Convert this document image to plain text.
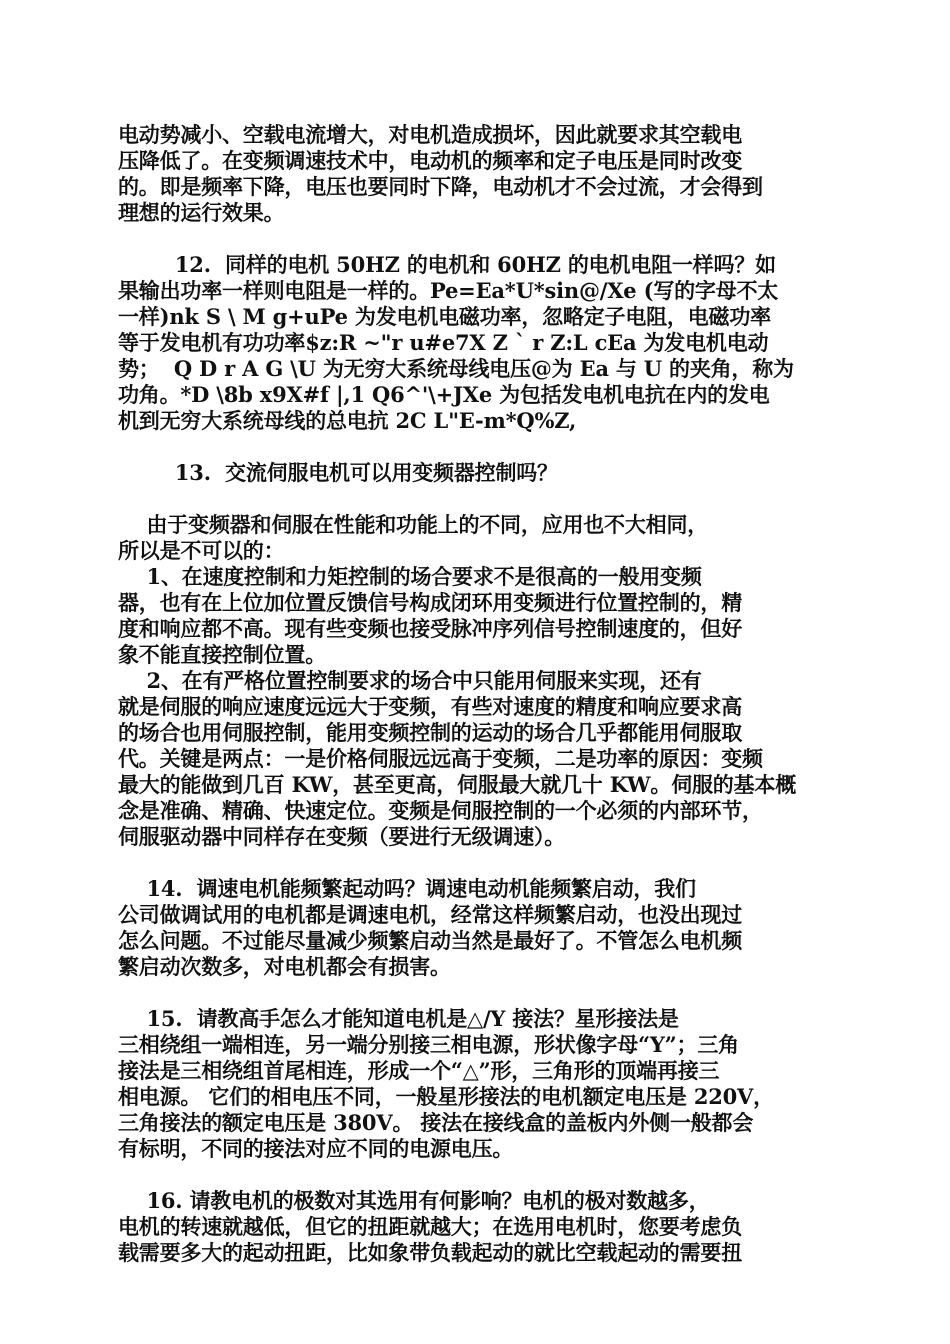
电动势减小、空载电流增大，对电机造成损坏，因此就要求其空载电
压降低了。在变频调速技术中，电动机的频率和定子电压是同时改变
的。即是频率下降，电压也要同时下降，电动机才不会过流，才会得到
理想的运行效果。
12.  同样的电机 50HZ 的电机和 60HZ 的电机电阻一样吗？如
果输出功率一样则电阻是一样的。Pe=Ea*U*sin@/Xe (写的字母不太
一样)nk S \ M g+uPe 为发电机电磁功率，忽略定子电阻，电磁功率
等于发电机有功功率$z:R ~"r u#e7X Z ` r Z:L cEa 为发电机电动
势；  Q D r A G \U 为无穷大系统母线电压@为 Ea 与 U 的夹角，称为
功角。*D \8b x9X#f |,1 Q6^'\+JXe 为包括发电机电抗在内的发电
机到无穷大系统母线的总电抗 2C L"E-m*Q%Z,
13.  交流伺服电机可以用变频器控制吗？
由于变频器和伺服在性能和功能上的不同，应用也不大相同，
所以是不可以的：
1、在速度控制和力矩控制的场合要求不是很高的一般用变频
器，也有在上位加位置反馈信号构成闭环用变频进行位置控制的，精
度和响应都不高。现有些变频也接受脉冲序列信号控制速度的，但好
象不能直接控制位置。
2、在有严格位置控制要求的场合中只能用伺服来实现，还有
就是伺服的响应速度远远大于变频，有些对速度的精度和响应要求高
的场合也用伺服控制，能用变频控制的运动的场合几乎都能用伺服取
代。关键是两点：一是价格伺服远远高于变频，二是功率的原因：变频
最大的能做到几百 KW，甚至更高，伺服最大就几十 KW。伺服的基本概
念是准确、精确、快速定位。变频是伺服控制的一个必须的内部环节，
伺服驱动器中同样存在变频（要进行无级调速）。
14.  调速电机能频繁起动吗？调速电动机能频繁启动，我们
公司做调试用的电机都是调速电机，经常这样频繁启动，也没出现过
怎么问题。不过能尽量减少频繁启动当然是最好了。不管怎么电机频
繁启动次数多，对电机都会有损害。
15.  请教高手怎么才能知道电机是△/Y 接法？星形接法是
三相绕组一端相连，另一端分别接三相电源，形状像字母“Y”；三角
接法是三相绕组首尾相连，形成一个“△”形，三角形的顶端再接三
相电源。 它们的相电压不同，一般星形接法的电机额定电压是 220V，
三角接法的额定电压是 380V。 接法在接线盒的盖板内外侧一般都会
有标明，不同的接法对应不同的电源电压。
16. 请教电机的极数对其选用有何影响？电机的极对数越多，
电机的转速就越低，但它的扭距就越大；在选用电机时，您要考虑负
载需要多大的起动扭距，比如象带负载起动的就比空载起动的需要扭
